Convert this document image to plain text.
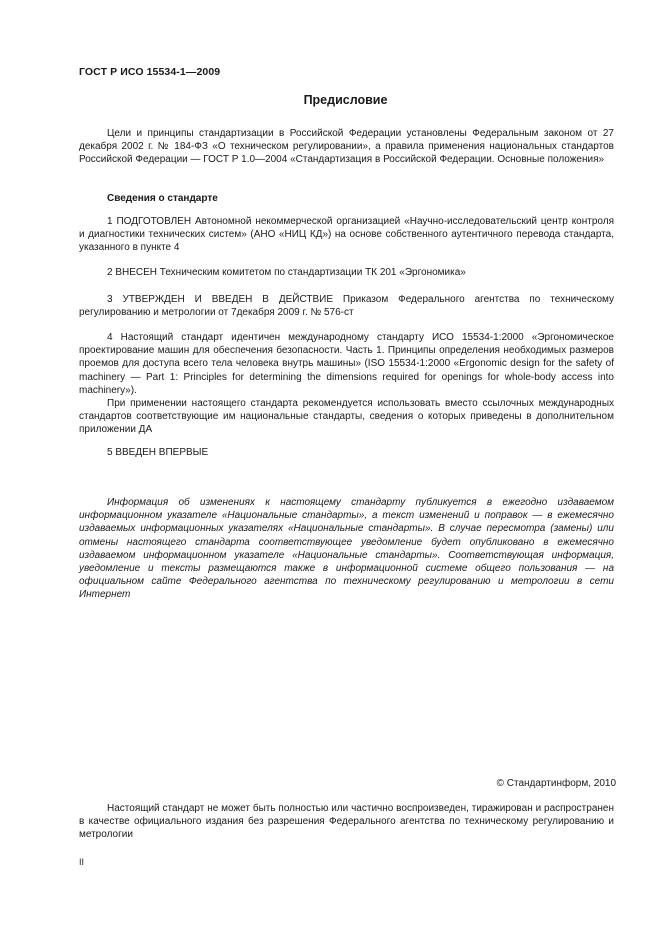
ГОСТ Р ИСО 15534-1—2009
Предисловие

Цели и принципы стандартизации в Российской Федерации установлены Федеральным законом от 27 декабря 2002 г. № 184-ФЗ «О техническом регулировании», а правила применения национальных стандартов Российской Федерации — ГОСТ Р 1.0—2004 «Стандартизация в Российской Федерации. Основные положения»

Сведения о стандарте

1 ПОДГОТОВЛЕН Автономной некоммерческой организацией «Научно-исследовательский центр контроля и диагностики технических систем» (АНО «НИЦ КД») на основе собственного аутентичного перевода стандарта, указанного в пункте 4

2 ВНЕСЕН Техническим комитетом по стандартизации ТК 201 «Эргономика»

3 УТВЕРЖДЕН И ВВЕДЕН В ДЕЙСТВИЕ Приказом Федерального агентства по техническому регулированию и метрологии от 7декабря 2009 г. № 576-ст

4 Настоящий стандарт идентичен международному стандарту ИСО 15534-1:2000 «Эргономическое проектирование машин для обеспечения безопасности. Часть 1. Принципы определения необходимых размеров проемов для доступа всего тела человека внутрь машины» (ISO 15534-1:2000 «Ergonomic design for the safety of machinery — Part 1: Principles for determining the dimensions required for openings for whole-body access into machinery»).

При применении настоящего стандарта рекомендуется использовать вместо ссылочных международных стандартов соответствующие им национальные стандарты, сведения о которых приведены в дополнительном приложении ДА

5 ВВЕДЕН ВПЕРВЫЕ

Информация об изменениях к настоящему стандарту публикуется в ежегодно издаваемом информационном указателе «Национальные стандарты», а текст изменений и поправок — в ежемесячно издаваемых информационных указателях «Национальные стандарты». В случае пересмотра (замены) или отмены настоящего стандарта соответствующее уведомление будет опубликовано в ежемесячно издаваемом информационном указателе «Национальные стандарты». Соответствующая информация, уведомление и тексты размещаются также в информационной системе общего пользования — на официальном сайте Федерального агентства по техническому регулированию и метрологии в сети Интернет

© Стандартинформ, 2010

Настоящий стандарт не может быть полностью или частично воспроизведен, тиражирован и распространен в качестве официального издания без разрешения Федерального агентства по техническому регулированию и метрологии

II
